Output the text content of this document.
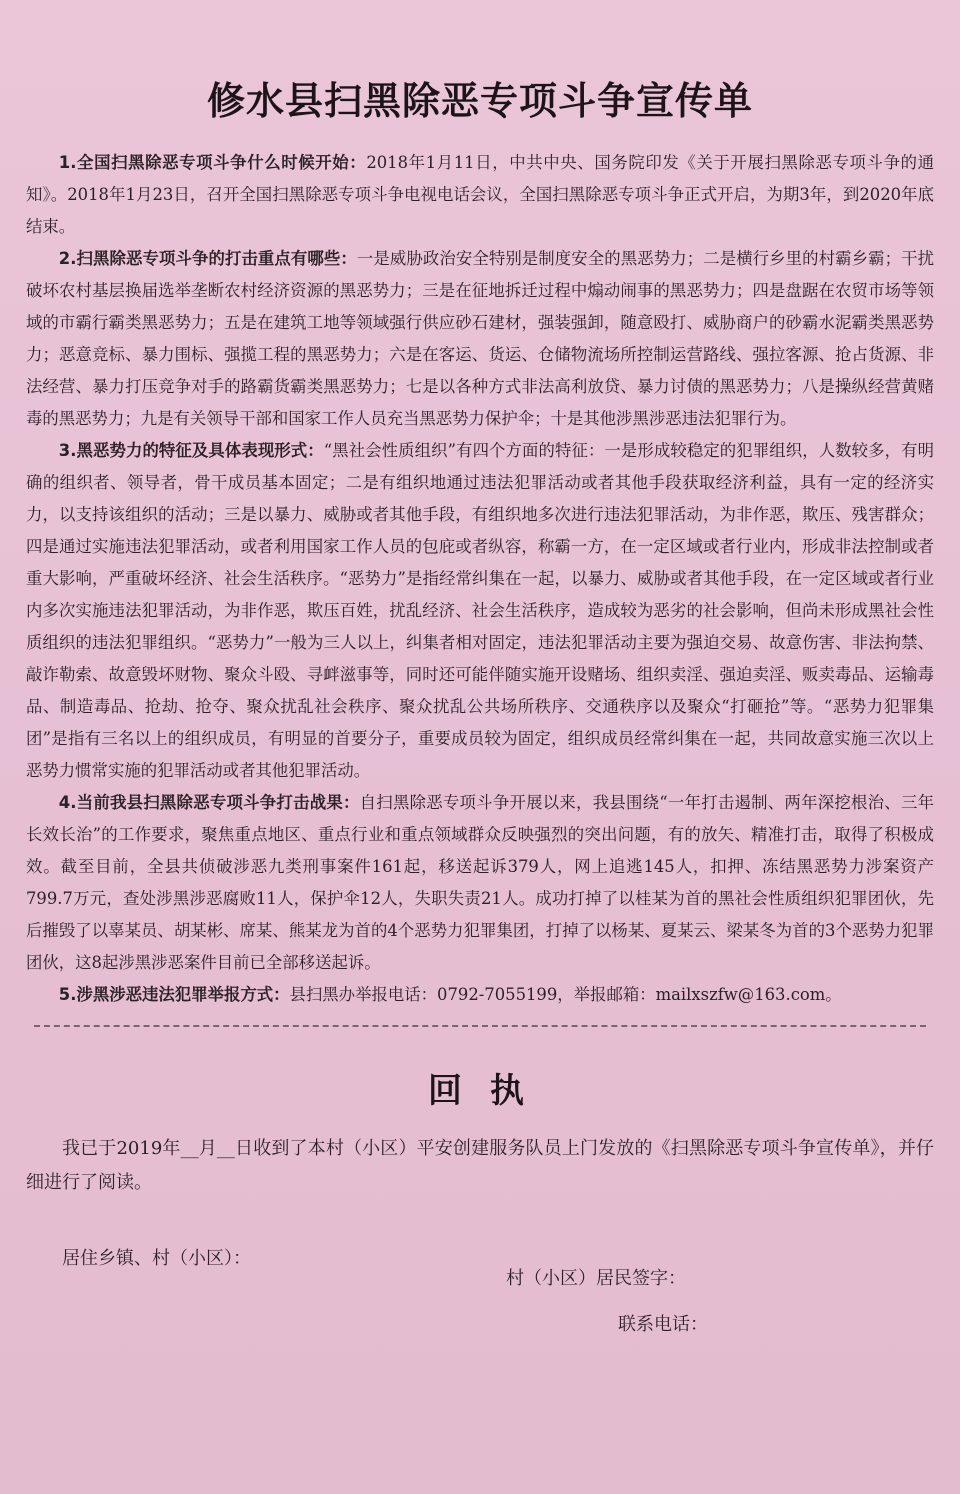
修水县扫黑除恶专项斗争宣传单

1.全国扫黑除恶专项斗争什么时候开始：2018年1月11日，中共中央、国务院印发《关于开展扫黑除恶专项斗争的通知》。2018年1月23日，召开全国扫黑除恶专项斗争电视电话会议，全国扫黑除恶专项斗争正式开启，为期3年，到2020年底结束。

2.扫黑除恶专项斗争的打击重点有哪些：一是威胁政治安全特别是制度安全的黑恶势力；二是横行乡里的村霸乡霸；干扰破坏农村基层换届选举垄断农村经济资源的黑恶势力；三是在征地拆迁过程中煽动闹事的黑恶势力；四是盘踞在农贸市场等领域的市霸行霸类黑恶势力；五是在建筑工地等领域强行供应砂石建材，强装强卸，随意殴打、威胁商户的砂霸水泥霸类黑恶势力；恶意竞标、暴力围标、强揽工程的黑恶势力；六是在客运、货运、仓储物流场所控制运营路线、强拉客源、抢占货源、非法经营、暴力打压竞争对手的路霸货霸类黑恶势力；七是以各种方式非法高利放贷、暴力讨债的黑恶势力；八是操纵经营黄赌毒的黑恶势力；九是有关领导干部和国家工作人员充当黑恶势力保护伞；十是其他涉黑涉恶违法犯罪行为。

3.黑恶势力的特征及具体表现形式：“黑社会性质组织”有四个方面的特征：一是形成较稳定的犯罪组织，人数较多，有明确的组织者、领导者，骨干成员基本固定；二是有组织地通过违法犯罪活动或者其他手段获取经济利益，具有一定的经济实力，以支持该组织的活动；三是以暴力、威胁或者其他手段，有组织地多次进行违法犯罪活动，为非作恶，欺压、残害群众；四是通过实施违法犯罪活动，或者利用国家工作人员的包庇或者纵容，称霸一方，在一定区域或者行业内，形成非法控制或者重大影响，严重破坏经济、社会生活秩序。“恶势力”是指经常纠集在一起，以暴力、威胁或者其他手段，在一定区域或者行业内多次实施违法犯罪活动，为非作恶，欺压百姓，扰乱经济、社会生活秩序，造成较为恶劣的社会影响，但尚未形成黑社会性质组织的违法犯罪组织。“恶势力”一般为三人以上，纠集者相对固定，违法犯罪活动主要为强迫交易、故意伤害、非法拘禁、敲诈勒索、故意毁坏财物、聚众斗殴、寻衅滋事等，同时还可能伴随实施开设赌场、组织卖淫、强迫卖淫、贩卖毒品、运输毒品、制造毒品、抢劫、抢夺、聚众扰乱社会秩序、聚众扰乱公共场所秩序、交通秩序以及聚众“打砸抢”等。“恶势力犯罪集团”是指有三名以上的组织成员，有明显的首要分子，重要成员较为固定，组织成员经常纠集在一起，共同故意实施三次以上恶势力惯常实施的犯罪活动或者其他犯罪活动。

4.当前我县扫黑除恶专项斗争打击战果：自扫黑除恶专项斗争开展以来，我县围绕“一年打击遏制、两年深挖根治、三年长效长治”的工作要求，聚焦重点地区、重点行业和重点领域群众反映强烈的突出问题，有的放矢、精准打击，取得了积极成效。截至目前，全县共侦破涉恶九类刑事案件161起，移送起诉379人，网上追逃145人，扣押、冻结黑恶势力涉案资产799.7万元，查处涉黑涉恶腐败11人，保护伞12人，失职失责21人。成功打掉了以桂某为首的黑社会性质组织犯罪团伙，先后摧毁了以辜某员、胡某彬、席某、熊某龙为首的4个恶势力犯罪集团，打掉了以杨某、夏某云、梁某冬为首的3个恶势力犯罪团伙，这8起涉黑涉恶案件目前已全部移送起诉。

5.涉黑涉恶违法犯罪举报方式：县扫黑办举报电话：0792-7055199，举报邮箱：mailxszfw@163.com。

回执

我已于2019年__月__日收到了本村（小区）平安创建服务队员上门发放的《扫黑除恶专项斗争宣传单》，并仔细进行了阅读。

居住乡镇、村（小区）：
村（小区）居民签字：
联系电话：
